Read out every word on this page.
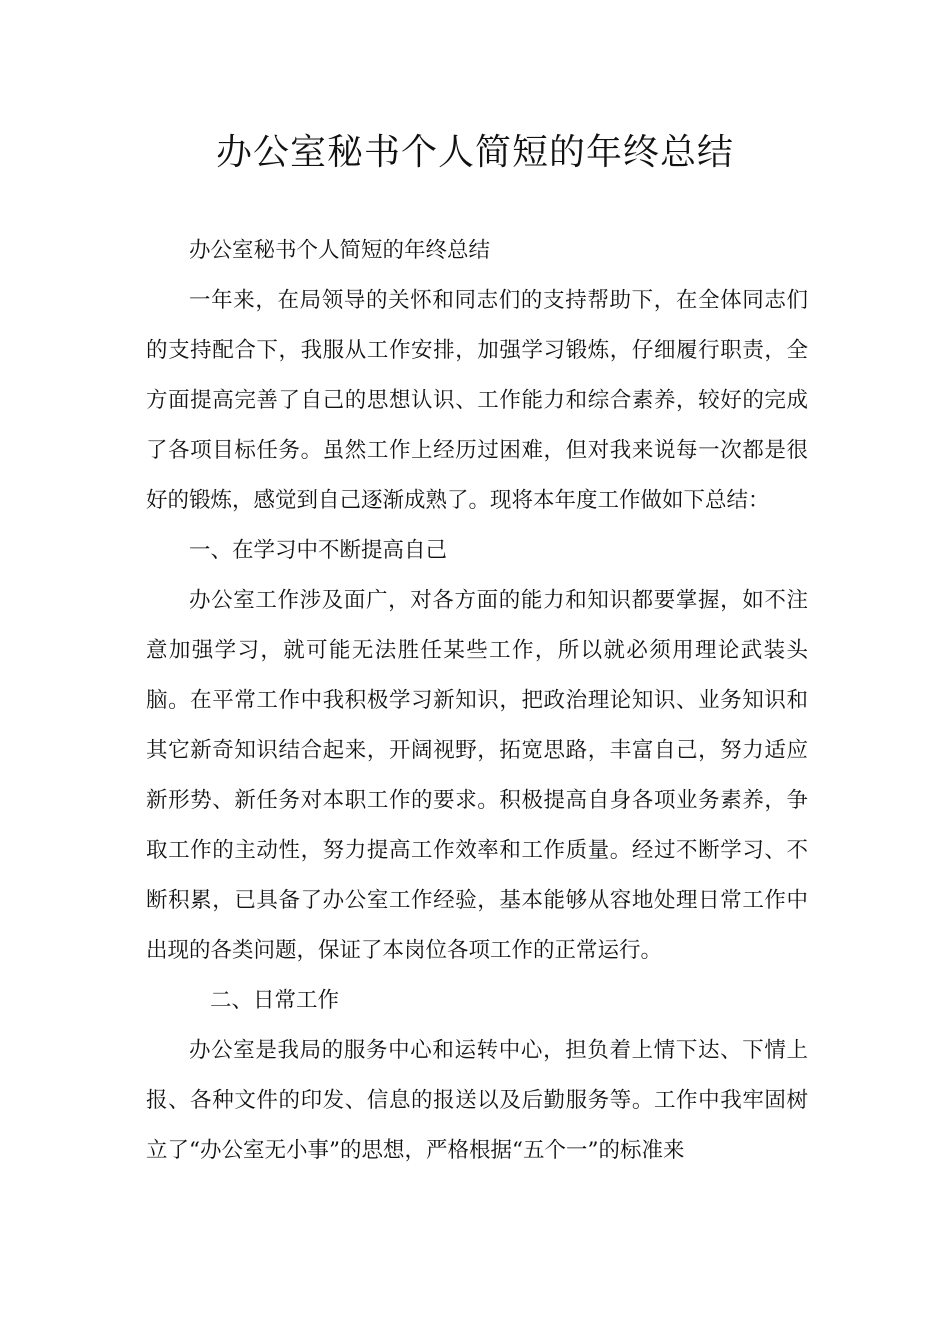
办公室秘书个人简短的年终总结

办公室秘书个人简短的年终总结

一年来，在局领导的关怀和同志们的支持帮助下，在全体同志们的支持配合下，我服从工作安排，加强学习锻炼，仔细履行职责，全方面提高完善了自己的思想认识、工作能力和综合素养，较好的完成了各项目标任务。虽然工作上经历过困难，但对我来说每一次都是很好的锻炼，感觉到自己逐渐成熟了。现将本年度工作做如下总结：

一、在学习中不断提高自己

办公室工作涉及面广，对各方面的能力和知识都要掌握，如不注意加强学习，就可能无法胜任某些工作，所以就必须用理论武装头脑。在平常工作中我积极学习新知识，把政治理论知识、业务知识和其它新奇知识结合起来，开阔视野，拓宽思路，丰富自己，努力适应新形势、新任务对本职工作的要求。积极提高自身各项业务素养，争取工作的主动性，努力提高工作效率和工作质量。经过不断学习、不断积累，已具备了办公室工作经验，基本能够从容地处理日常工作中出现的各类问题，保证了本岗位各项工作的正常运行。

二、日常工作

办公室是我局的服务中心和运转中心，担负着上情下达、下情上报、各种文件的印发、信息的报送以及后勤服务等。工作中我牢固树立了“办公室无小事”的思想，严格根据“五个一”的标准来
